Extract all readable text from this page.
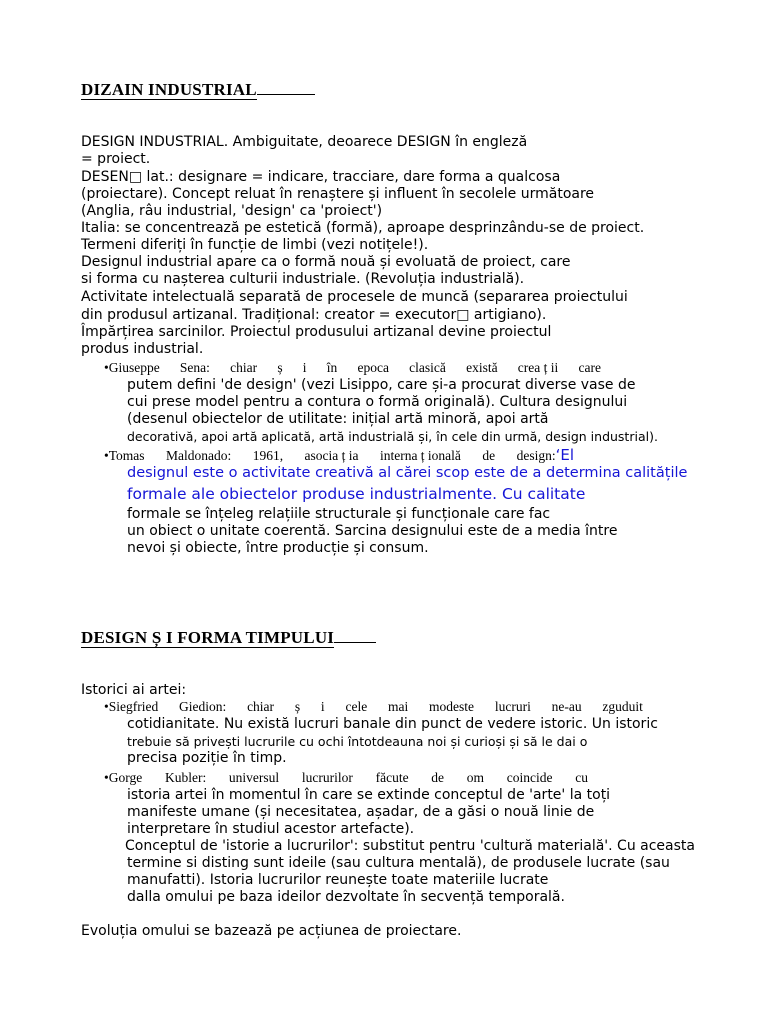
DIZAIN INDUSTRIAL
DESIGN INDUSTRIAL. Ambiguitate, deoarece DESIGN în engleză
= proiect.
DESEN□ lat.: designare = indicare, tracciare, dare forma a qualcosa
(proiectare). Concept reluat în renaștere și influent în secolele următoare
(Anglia, râu industrial, 'design' ca 'proiect')
Italia: se concentrează pe estetică (formă), aproape desprinzându-se de proiect.
Termeni diferiți în funcție de limbi (vezi notițele!).
Designul industrial apare ca o formă nouă și evoluată de proiect, care
si forma cu nașterea culturii industriale. (Revoluția industrială).
Activitate intelectuală separată de procesele de muncă (separarea proiectului
din produsul artizanal. Tradițional: creator = executor□ artigiano).
Împărțirea sarcinilor. Proiectul produsului artizanal devine proiectul
produs industrial.
•Giuseppe Sena: chiar ș i în epoca clasică există crea ț ii care
putem defini 'de design' (vezi Lisippo, care și-a procurat diverse vase de
cui prese model pentru a contura o formă originală). Cultura designului
(desenul obiectelor de utilitate: inițial artă minoră, apoi artă
decorativă, apoi artă aplicată, artă industrială și, în cele din urmă, design industrial).
•Tomas Maldonado: 1961, asocia ț ia interna ț ională de design:‘El
designul este o activitate creativă al cărei scop este de a determina calitățile
formale ale obiectelor produse industrialmente. Cu calitate
formale se înțeleg relațiile structurale și funcționale care fac
un obiect o unitate coerentă. Sarcina designului este de a media între
nevoi și obiecte, între producție și consum.
DESIGN Ș I FORMA TIMPULUI
Istorici ai artei:
•Siegfried Giedion: chiar ș i cele mai modeste lucruri ne-au zguduit
cotidianitate. Nu există lucruri banale din punct de vedere istoric. Un istoric
trebuie să privești lucrurile cu ochi întotdeauna noi și curioși și să le dai o
precisa poziție în timp.
•Gorge Kubler: universul lucrurilor făcute de om coincide cu
istoria artei în momentul în care se extinde conceptul de 'arte' la toți
manifeste umane (și necesitatea, așadar, de a găsi o nouă linie de
interpretare în studiul acestor artefacte).
Conceptul de 'istorie a lucrurilor': substitut pentru 'cultură materială'. Cu aceasta
termine si disting sunt ideile (sau cultura mentală), de produsele lucrate (sau
manufatti). Istoria lucrurilor reunește toate materiile lucrate
dalla omului pe baza ideilor dezvoltate în secvență temporală.
Evoluția omului se bazează pe acțiunea de proiectare.
